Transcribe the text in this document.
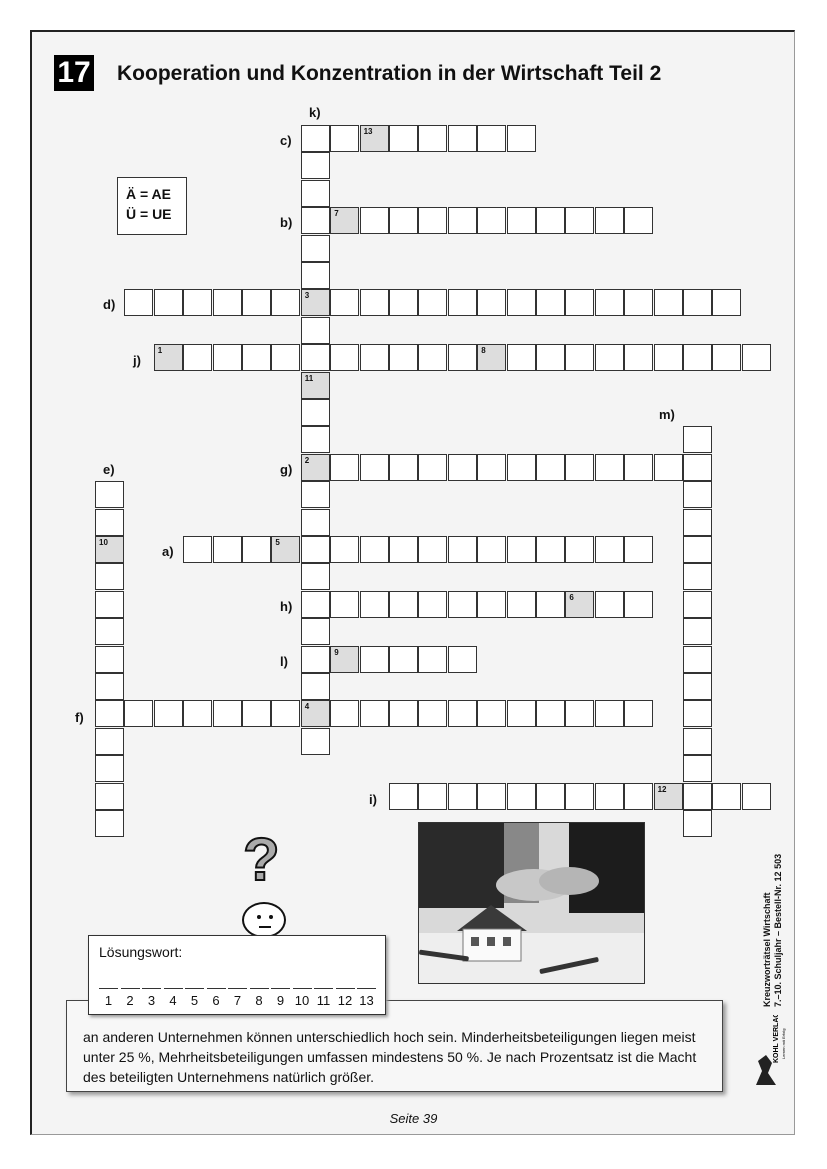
17 Kooperation und Konzentration in der Wirtschaft Teil 2
Ä = AE
Ü = UE
13
7
3
1	8
2
5
6
9
4
12
11
10
k)
c)
b)
d)
j)
m)
e)	g)
a)
h)
l)
f)
i)
?
Lösungswort:
1	2	3	4	5	6	7	8	9 10 11 12 13
an anderen Unternehmen können unterschiedlich hoch sein. Minderheitsbeteiligungen liegen meist unter 25 %, Mehrheitsbeteiligungen umfassen mindestens 50 %. Je nach Prozentsatz ist die Macht des beteiligten Unternehmens natürlich größer.
Kreuzworträtsel Wirtschaft 7.–10. Schuljahr – Bestell-Nr. 12 503
KOHL VERLAG Lernen mit Erfolg
Seite 39
